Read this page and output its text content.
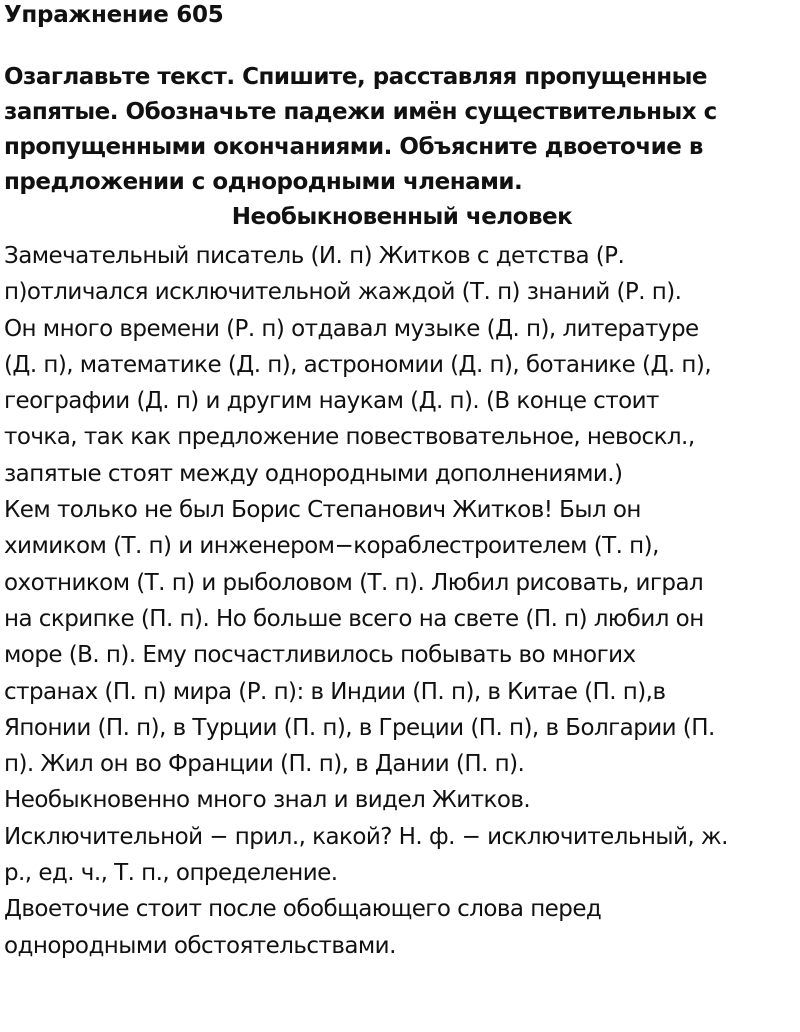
Упражнение 605
Озаглавьте текст. Спишите, расставляя пропущенные
запятые. Обозначьте падежи имён существительных с
пропущенными окончаниями. Объясните двоеточие в
предложении с однородными членами.
Необыкновенный человек
Замечательный писатель (И. п) Житков с детства (Р.
п)отличался исключительной жаждой (Т. п) знаний (Р. п).
Он много времени (Р. п) отдавал музыке (Д. п), литературе
(Д. п), математике (Д. п), астрономии (Д. п), ботанике (Д. п),
географии (Д. п) и другим наукам (Д. п). (В конце стоит
точка, так как предложение повествовательное, невоскл.,
запятые стоят между однородными дополнениями.)
Кем только не был Борис Степанович Житков! Был он
химиком (Т. п) и инженером−кораблестроителем (Т. п),
охотником (Т. п) и рыболовом (Т. п). Любил рисовать, играл
на скрипке (П. п). Но больше всего на свете (П. п) любил он
море (В. п). Ему посчастливилось побывать во многих
странах (П. п) мира (Р. п): в Индии (П. п), в Китае (П. п),в
Японии (П. п), в Турции (П. п), в Греции (П. п), в Болгарии (П.
п). Жил он во Франции (П. п), в Дании (П. п).
Необыкновенно много знал и видел Житков.
Исключительной − прил., какой? Н. ф. − исключительный, ж.
р., ед. ч., Т. п., определение.
Двоеточие стоит после обобщающего слова перед
однородными обстоятельствами.
